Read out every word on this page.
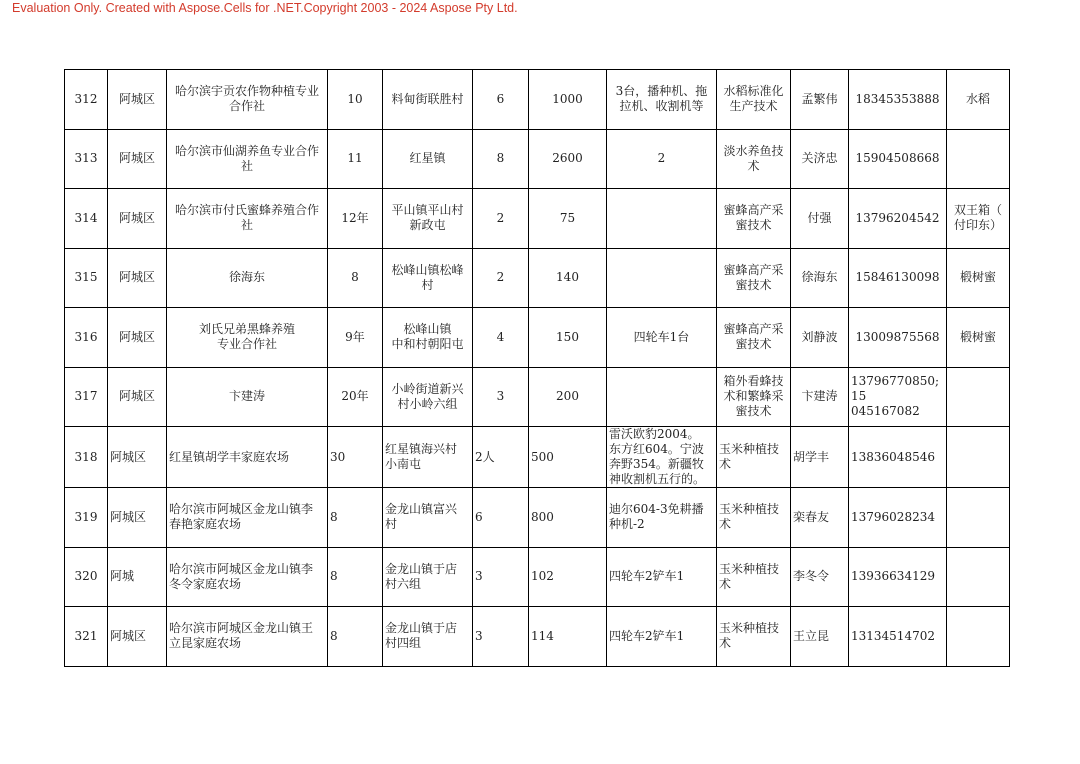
Evaluation Only. Created with Aspose.Cells for .NET.Copyright 2003 - 2024 Aspose Pty Ltd.
312	阿城区	哈尔滨宇贡农作物种植专业
合作社	10	料甸街联胜村	6	1000	3台，播种机、拖
拉机、收割机等	水稻标准化
生产技术	孟繁伟	18345353888	水稻
313	阿城区	哈尔滨市仙湖养鱼专业合作
社	11	红星镇	8	2600	2	淡水养鱼技
术	关济忠	15904508668	
314	阿城区	哈尔滨市付氏蜜蜂养殖合作
社	12年	平山镇平山村
新政屯	2	75		蜜蜂高产采
蜜技术	付强	13796204542	双王箱（
付印东）
315	阿城区	徐海东	8	松峰山镇松峰
村	2	140		蜜蜂高产采
蜜技术	徐海东	15846130098	椴树蜜
316	阿城区	刘氏兄弟黑蜂养殖
专业合作社	9年	松峰山镇
中和村朝阳屯	4	150	四轮车1台	蜜蜂高产采
蜜技术	刘静波	13009875568	椴树蜜
317	阿城区	卞建涛	20年	小岭街道新兴
村小岭六组	3	200		箱外看蜂技
术和繁蜂采
蜜技术	卞建涛	13796770850;15
045167082	
318	阿城区	红星镇胡学丰家庭农场	30	红星镇海兴村
小南屯	2人	500	雷沃欧豹2004。
东方红604。宁波
奔野354。新疆牧
神收割机五行的。	玉米种植技
术	胡学丰	13836048546	
319	阿城区	哈尔滨市阿城区金龙山镇李
春艳家庭农场	8	金龙山镇富兴
村	6	800	迪尔604-3免耕播
种机-2	玉米种植技
术	栾春友	13796028234	
320	阿城	哈尔滨市阿城区金龙山镇李
冬令家庭农场	8	金龙山镇于店
村六组	3	102	四轮车2铲车1	玉米种植技
术	李冬令	13936634129	
321	阿城区	哈尔滨市阿城区金龙山镇王
立昆家庭农场	8	金龙山镇于店
村四组	3	114	四轮车2铲车1	玉米种植技
术	王立昆	13134514702	
